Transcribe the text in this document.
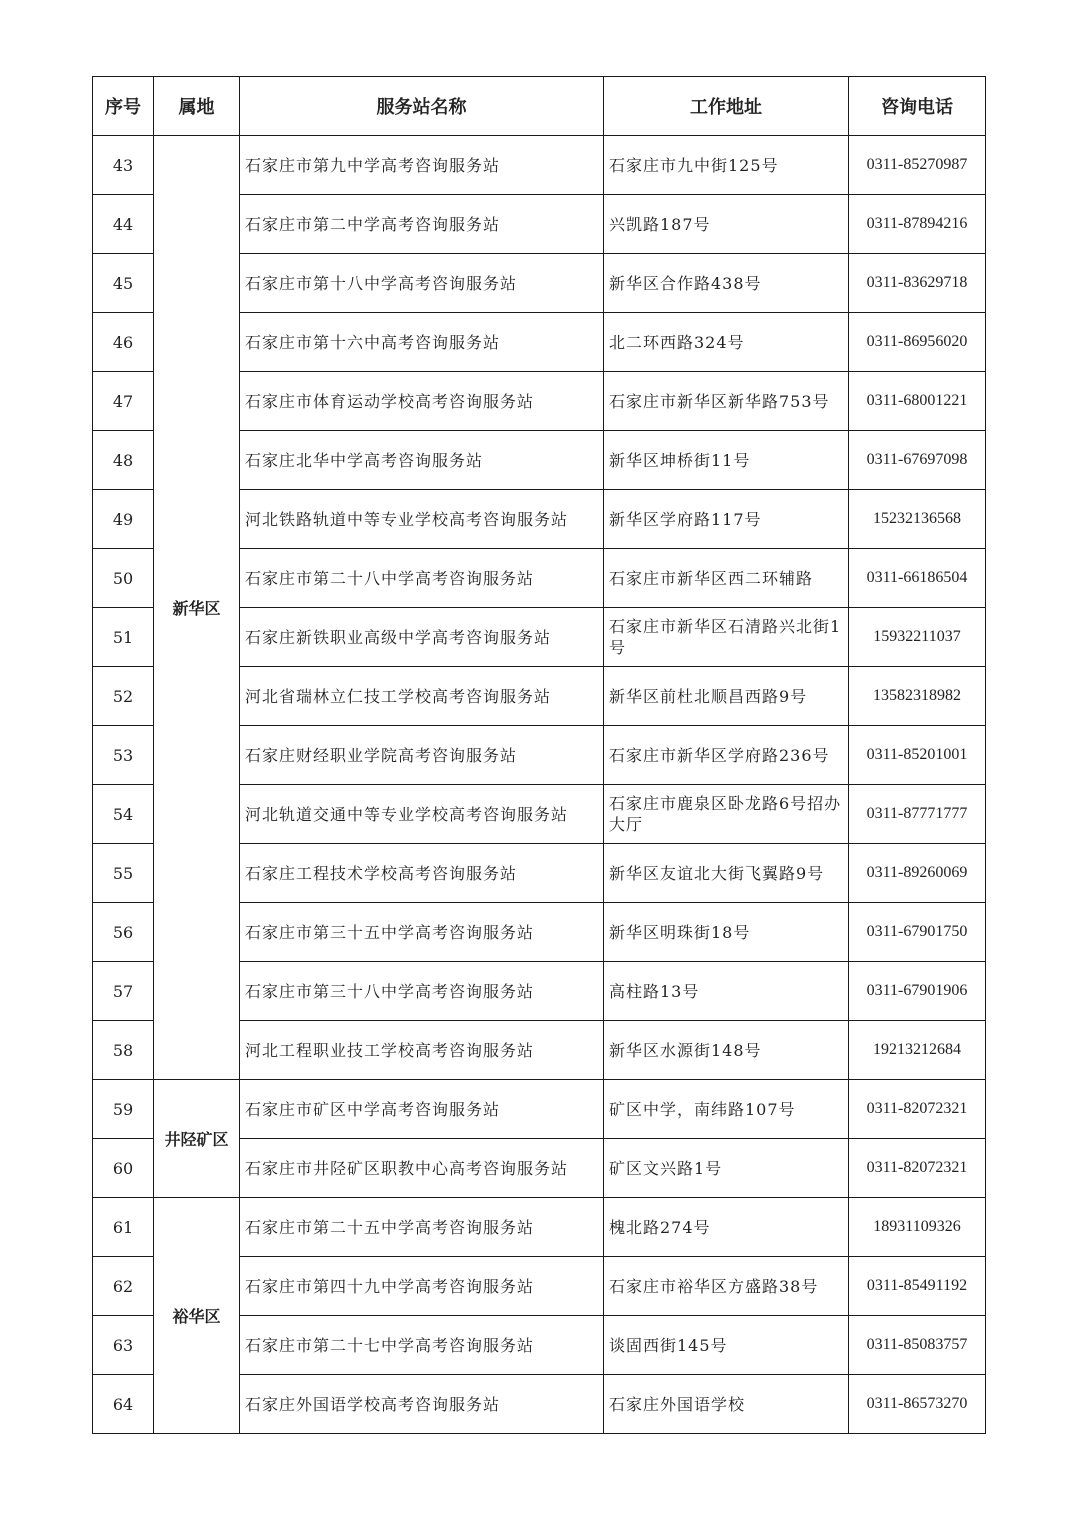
序号	属地	服务站名称	工作地址	咨询电话
43	新华区	石家庄市第九中学高考咨询服务站	石家庄市九中街125号	0311-85270987
44		石家庄市第二中学高考咨询服务站	兴凯路187号	0311-87894216
45		石家庄市第十八中学高考咨询服务站	新华区合作路438号	0311-83629718
46		石家庄市第十六中高考咨询服务站	北二环西路324号	0311-86956020
47		石家庄市体育运动学校高考咨询服务站	石家庄市新华区新华路753号	0311-68001221
48		石家庄北华中学高考咨询服务站	新华区坤桥街11号	0311-67697098
49		河北铁路轨道中等专业学校高考咨询服务站	新华区学府路117号	15232136568
50		石家庄市第二十八中学高考咨询服务站	石家庄市新华区西二环辅路	0311-66186504
51		石家庄新铁职业高级中学高考咨询服务站	石家庄市新华区石清路兴北街1号	15932211037
52		河北省瑞林立仁技工学校高考咨询服务站	新华区前杜北顺昌西路9号	13582318982
53		石家庄财经职业学院高考咨询服务站	石家庄市新华区学府路236号	0311-85201001
54		河北轨道交通中等专业学校高考咨询服务站	石家庄市鹿泉区卧龙路6号招办大厅	0311-87771777
55		石家庄工程技术学校高考咨询服务站	新华区友谊北大街飞翼路9号	0311-89260069
56		石家庄市第三十五中学高考咨询服务站	新华区明珠街18号	0311-67901750
57		石家庄市第三十八中学高考咨询服务站	高柱路13号	0311-67901906
58		河北工程职业技工学校高考咨询服务站	新华区水源街148号	19213212684
59	井陉矿区	石家庄市矿区中学高考咨询服务站	矿区中学，南纬路107号	0311-82072321
60		石家庄市井陉矿区职教中心高考咨询服务站	矿区文兴路1号	0311-82072321
61	裕华区	石家庄市第二十五中学高考咨询服务站	槐北路274号	18931109326
62		石家庄市第四十九中学高考咨询服务站	石家庄市裕华区方盛路38号	0311-85491192
63		石家庄市第二十七中学高考咨询服务站	谈固西街145号	0311-85083757
64		石家庄外国语学校高考咨询服务站	石家庄外国语学校	0311-86573270
